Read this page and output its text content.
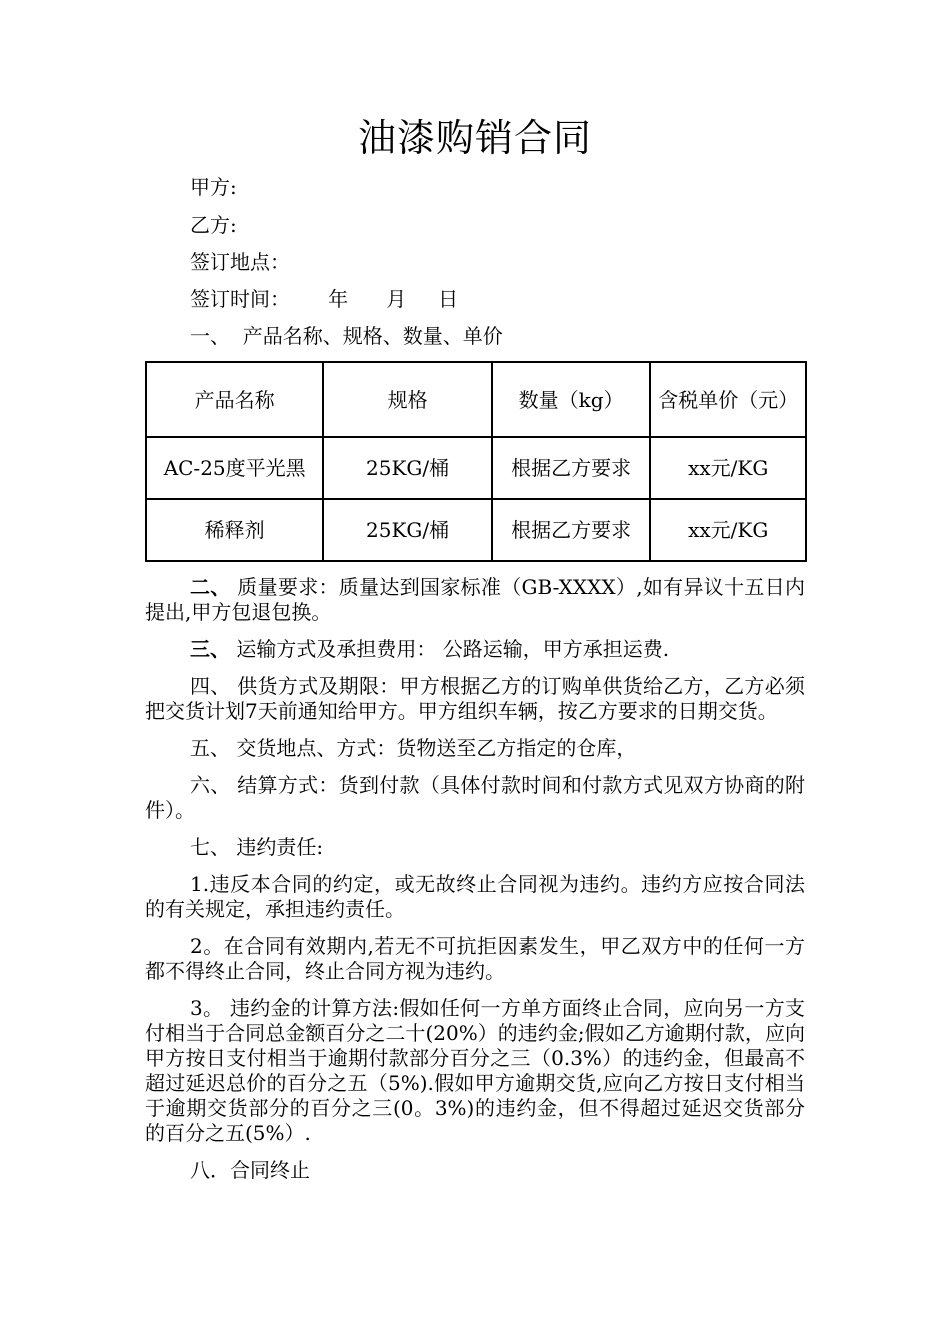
油漆购销合同
甲方:
乙方:
签订地点：
签订时间：      年      月     日
一、  产品名称、规格、数量、单价
产品名称	规格	数量（kg）	含税单价（元）
AC-25度平光黑	25KG/桶	根据乙方要求	xx元/KG
稀释剂	25KG/桶	根据乙方要求	xx元/KG

二、 质量要求：质量达到国家标准（GB-XXXX）,如有异议十五日内提出,甲方包退包换。

三、 运输方式及承担费用： 公路运输，甲方承担运费.

四、 供货方式及期限：甲方根据乙方的订购单供货给乙方，乙方必须把交货计划7天前通知给甲方。甲方组织车辆，按乙方要求的日期交货。

五、 交货地点、方式：货物送至乙方指定的仓库，

六、 结算方式：货到付款（具体付款时间和付款方式见双方协商的附件）。

七、 违约责任:

1.违反本合同的约定，或无故终止合同视为违约。违约方应按合同法的有关规定，承担违约责任。

2。在合同有效期内,若无不可抗拒因素发生，甲乙双方中的任何一方都不得终止合同，终止合同方视为违约。

3。 违约金的计算方法:假如任何一方单方面终止合同，应向另一方支付相当于合同总金额百分之二十(20%）的违约金;假如乙方逾期付款，应向甲方按日支付相当于逾期付款部分百分之三（0.3%）的违约金，但最高不超过延迟总价的百分之五（5%).假如甲方逾期交货,应向乙方按日支付相当于逾期交货部分的百分之三(0。3%)的违约金，但不得超过延迟交货部分的百分之五(5%）.

八．合同终止
